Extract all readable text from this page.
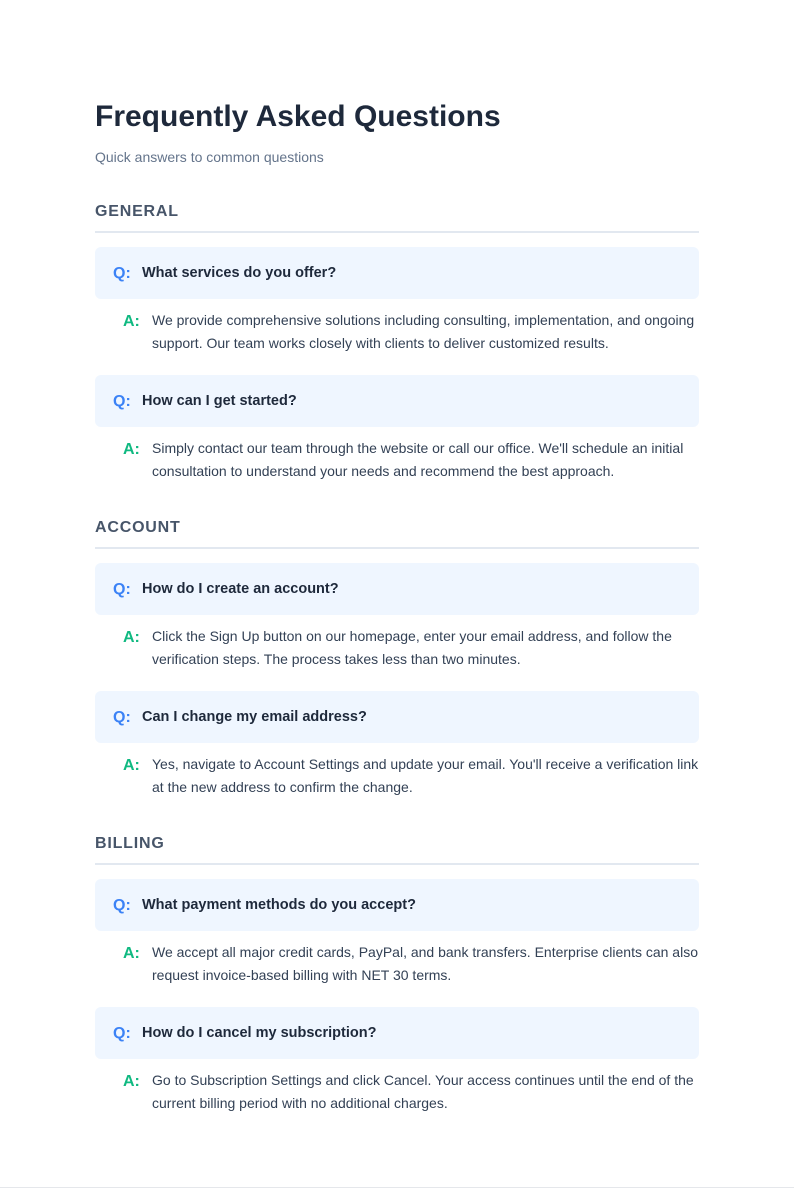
Frequently Asked Questions
Quick answers to common questions
GENERAL
Q: What services do you offer?
A: We provide comprehensive solutions including consulting, implementation, and ongoing support. Our team works closely with clients to deliver customized results.
Q: How can I get started?
A: Simply contact our team through the website or call our office. We'll schedule an initial consultation to understand your needs and recommend the best approach.
ACCOUNT
Q: How do I create an account?
A: Click the Sign Up button on our homepage, enter your email address, and follow the verification steps. The process takes less than two minutes.
Q: Can I change my email address?
A: Yes, navigate to Account Settings and update your email. You'll receive a verification link at the new address to confirm the change.
BILLING
Q: What payment methods do you accept?
A: We accept all major credit cards, PayPal, and bank transfers. Enterprise clients can also request invoice-based billing with NET 30 terms.
Q: How do I cancel my subscription?
A: Go to Subscription Settings and click Cancel. Your access continues until the end of the current billing period with no additional charges.
